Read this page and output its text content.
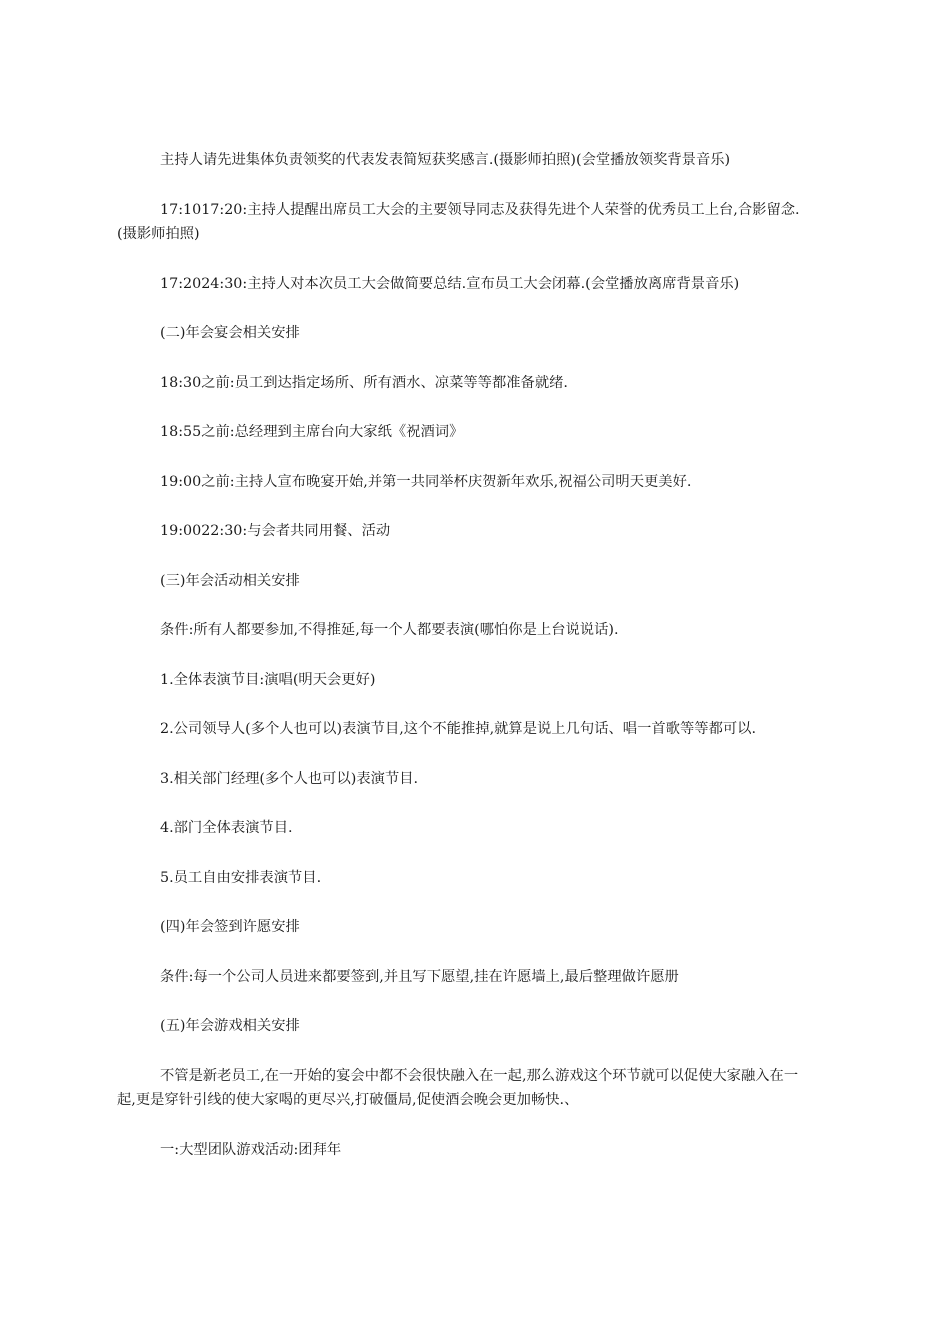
主持人请先进集体负责领奖的代表发表简短获奖感言.(摄影师拍照)(会堂播放领奖背景音乐)

17:1017:20:主持人提醒出席员工大会的主要领导同志及获得先进个人荣誉的优秀员工上台,合影留念.(摄影师拍照)

17:2024:30:主持人对本次员工大会做简要总结.宣布员工大会闭幕.(会堂播放离席背景音乐)

(二)年会宴会相关安排

18:30之前:员工到达指定场所、所有酒水、凉菜等等都准备就绪.

18:55之前:总经理到主席台向大家纸《祝酒词》

19:00之前:主持人宣布晚宴开始,并第一共同举杯庆贺新年欢乐,祝福公司明天更美好.

19:0022:30:与会者共同用餐、活动

(三)年会活动相关安排

条件:所有人都要参加,不得推延,每一个人都要表演(哪怕你是上台说说话).

1.全体表演节目:演唱(明天会更好)

2.公司领导人(多个人也可以)表演节目,这个不能推掉,就算是说上几句话、唱一首歌等等都可以.

3.相关部门经理(多个人也可以)表演节目.

4.部门全体表演节目.

5.员工自由安排表演节目.

(四)年会签到许愿安排

条件:每一个公司人员进来都要签到,并且写下愿望,挂在许愿墙上,最后整理做许愿册

(五)年会游戏相关安排

不管是新老员工,在一开始的宴会中都不会很快融入在一起,那么游戏这个环节就可以促使大家融入在一起,更是穿针引线的使大家喝的更尽兴,打破僵局,促使酒会晚会更加畅快.、

一:大型团队游戏活动:团拜年
